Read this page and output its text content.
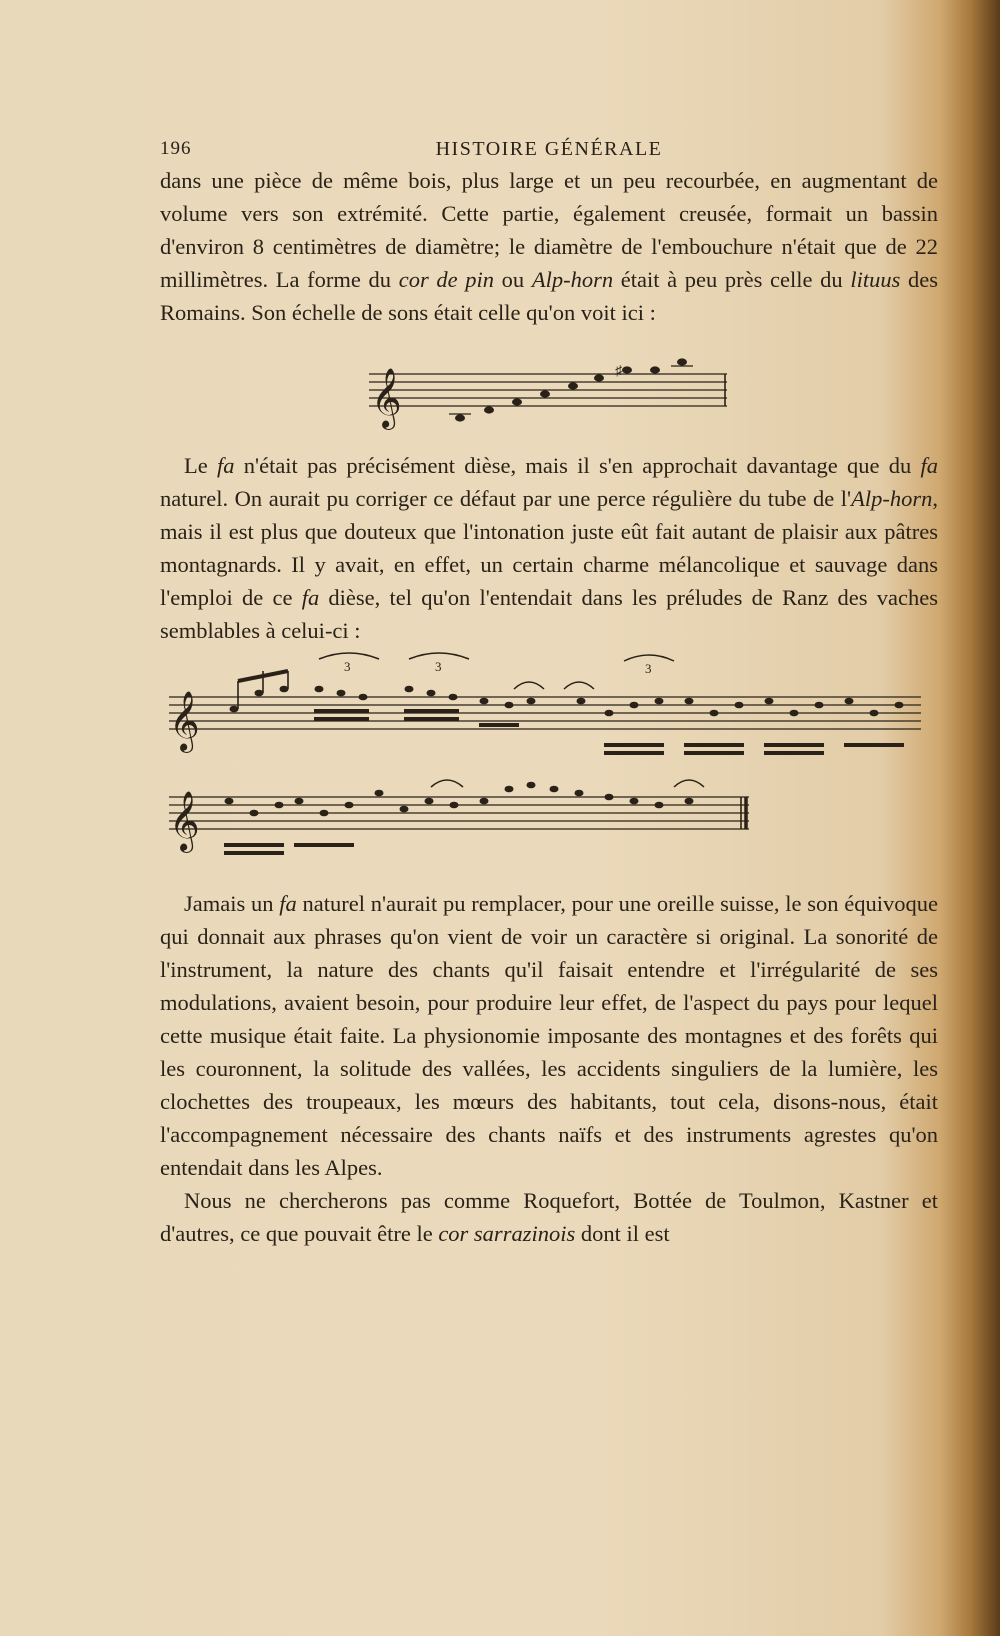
196	HISTOIRE GÉNÉRALE

dans une pièce de même bois, plus large et un peu recourbée, en augmentant de volume vers son extrémité. Cette partie, également creusée, formait un bassin d'environ 8 centimètres de diamètre; le diamètre de l'embouchure n'était que de 22 millimètres. La forme du cor de pin ou Alp-horn était à peu près celle du lituus des Romains. Son échelle de sons était celle qu'on voit ici :

𝄞	♯

Le fa n'était pas précisément dièse, mais il s'en approchait davantage que du fa naturel. On aurait pu corriger ce défaut par une perce régulière du tube de l'Alp-horn, mais il est plus que douteux que l'intonation juste eût fait autant de plaisir aux pâtres montagnards. Il y avait, en effet, un certain charme mélancolique et sauvage dans l'emploi de ce fa dièse, tel qu'on l'entendait dans les préludes de Ranz des vaches semblables à celui-ci :

𝄞
3	3	3
𝄞

Jamais un fa naturel n'aurait pu remplacer, pour une oreille suisse, le son équivoque qui donnait aux phrases qu'on vient de voir un caractère si original. La sonorité de l'instrument, la nature des chants qu'il faisait entendre et l'irrégularité de ses modulations, avaient besoin, pour produire leur effet, de l'aspect du pays pour lequel cette musique était faite. La physionomie imposante des montagnes et des forêts qui les couronnent, la solitude des vallées, les accidents singuliers de la lumière, les clochettes des troupeaux, les mœurs des habitants, tout cela, disons-nous, était l'accompagnement nécessaire des chants naïfs et des instruments agrestes qu'on entendait dans les Alpes.

Nous ne chercherons pas comme Roquefort, Bottée de Toulmon, Kastner et d'autres, ce que pouvait être le cor sarrazinois dont il est
